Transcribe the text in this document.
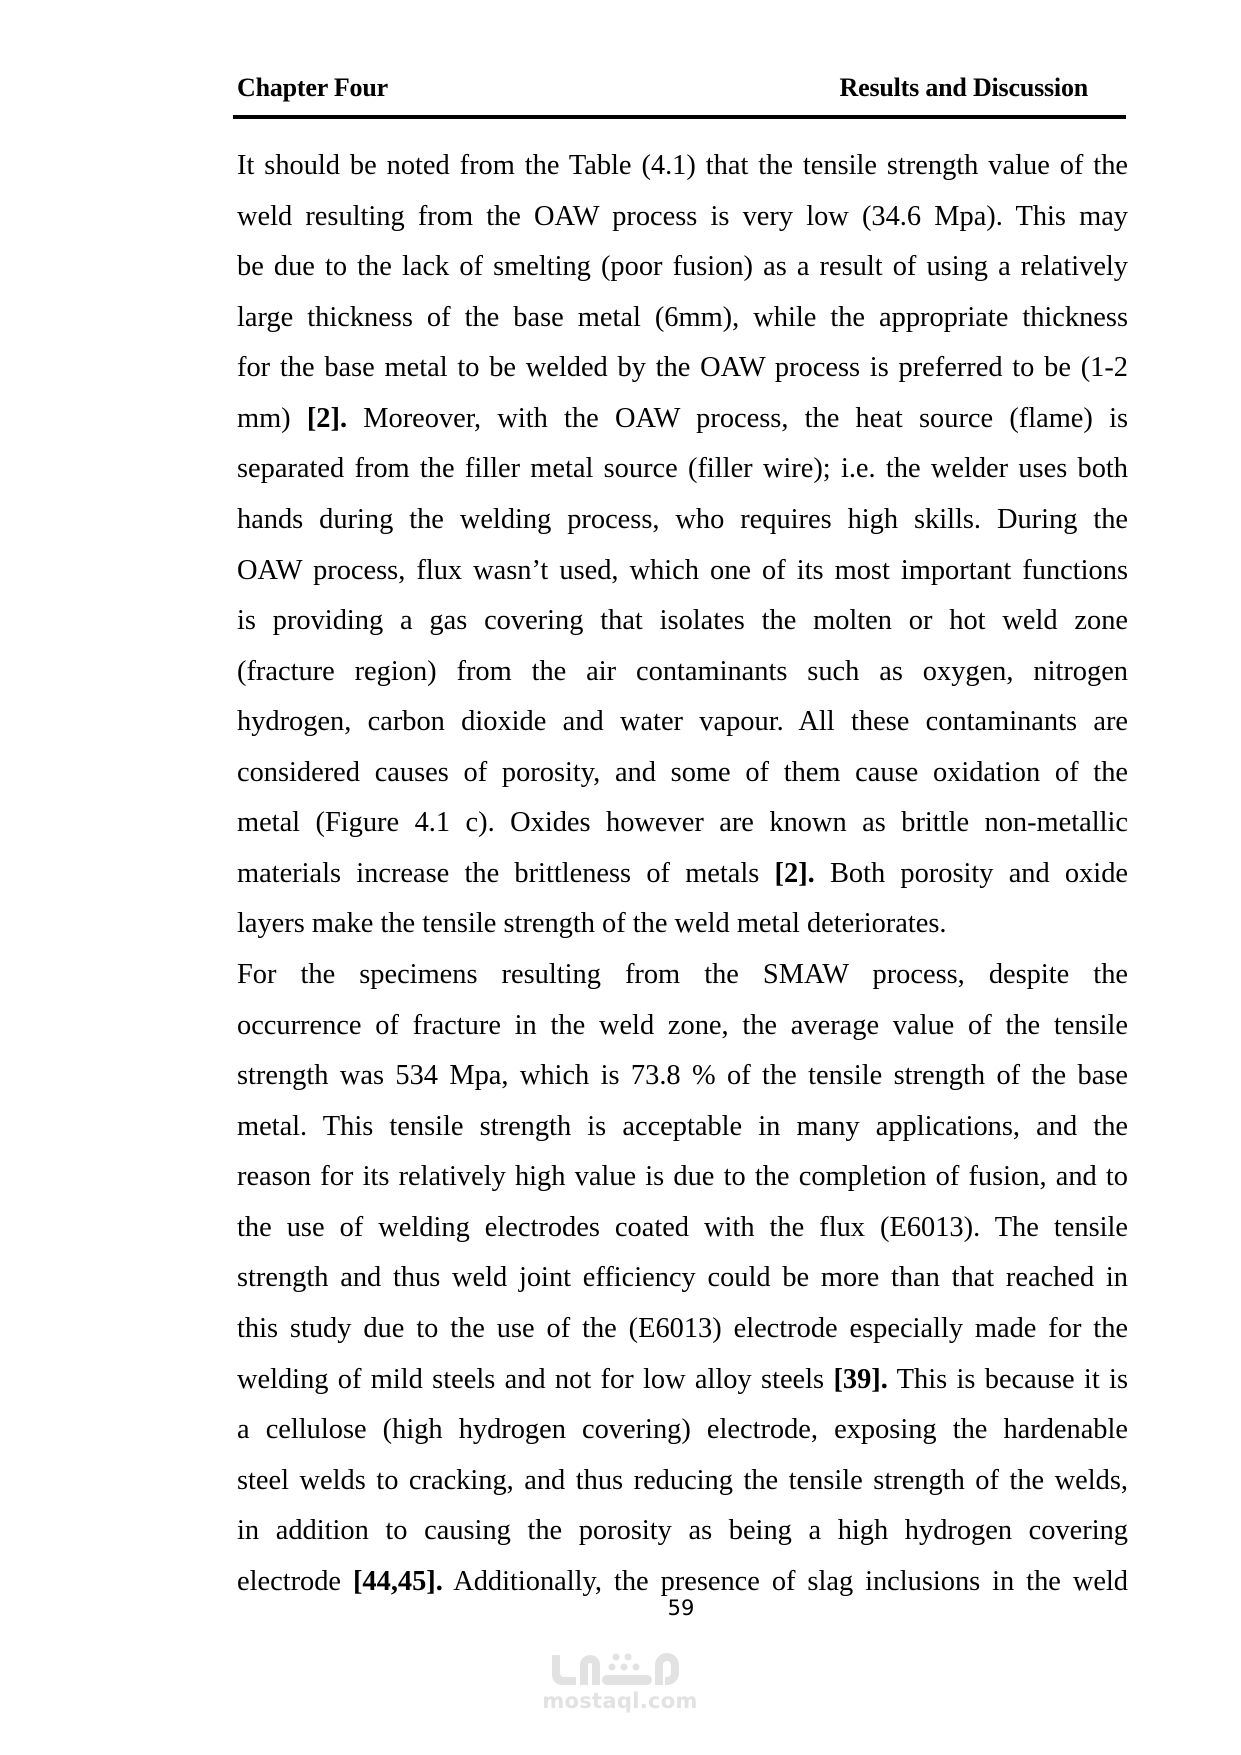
Chapter Four	Results and Discussion
It should be noted from the Table (4.1) that the tensile strength value of the
weld resulting from the OAW process is very low (34.6 Mpa). This may
be due to the lack of smelting (poor fusion) as a result of using a relatively
large thickness of the base metal (6mm), while the appropriate thickness
for the base metal to be welded by the OAW process is preferred to be (1-2
mm) [2]. Moreover, with the OAW process, the heat source (flame) is
separated from the filler metal source (filler wire); i.e. the welder uses both
hands during the welding process, who requires high skills. During the
OAW process, flux wasn’t used, which one of its most important functions
is providing a gas covering that isolates the molten or hot weld zone
(fracture region) from the air contaminants such as oxygen, nitrogen
hydrogen, carbon dioxide and water vapour. All these contaminants are
considered causes of porosity, and some of them cause oxidation of the
metal (Figure 4.1 c). Oxides however are known as brittle non-metallic
materials increase the brittleness of metals [2]. Both porosity and oxide
layers make the tensile strength of the weld metal deteriorates.
For the specimens resulting from the SMAW process, despite the
occurrence of fracture in the weld zone, the average value of the tensile
strength was 534 Mpa, which is 73.8 % of the tensile strength of the base
metal. This tensile strength is acceptable in many applications, and the
reason for its relatively high value is due to the completion of fusion, and to
the use of welding electrodes coated with the flux (E6013). The tensile
strength and thus weld joint efficiency could be more than that reached in
this study due to the use of the (E6013) electrode especially made for the
welding of mild steels and not for low alloy steels [39]. This is because it is
a cellulose (high hydrogen covering) electrode, exposing the hardenable
steel welds to cracking, and thus reducing the tensile strength of the welds,
in addition to causing the porosity as being a high hydrogen covering
electrode [44,45]. Additionally, the presence of slag inclusions in the weld
59
mostaql.com
